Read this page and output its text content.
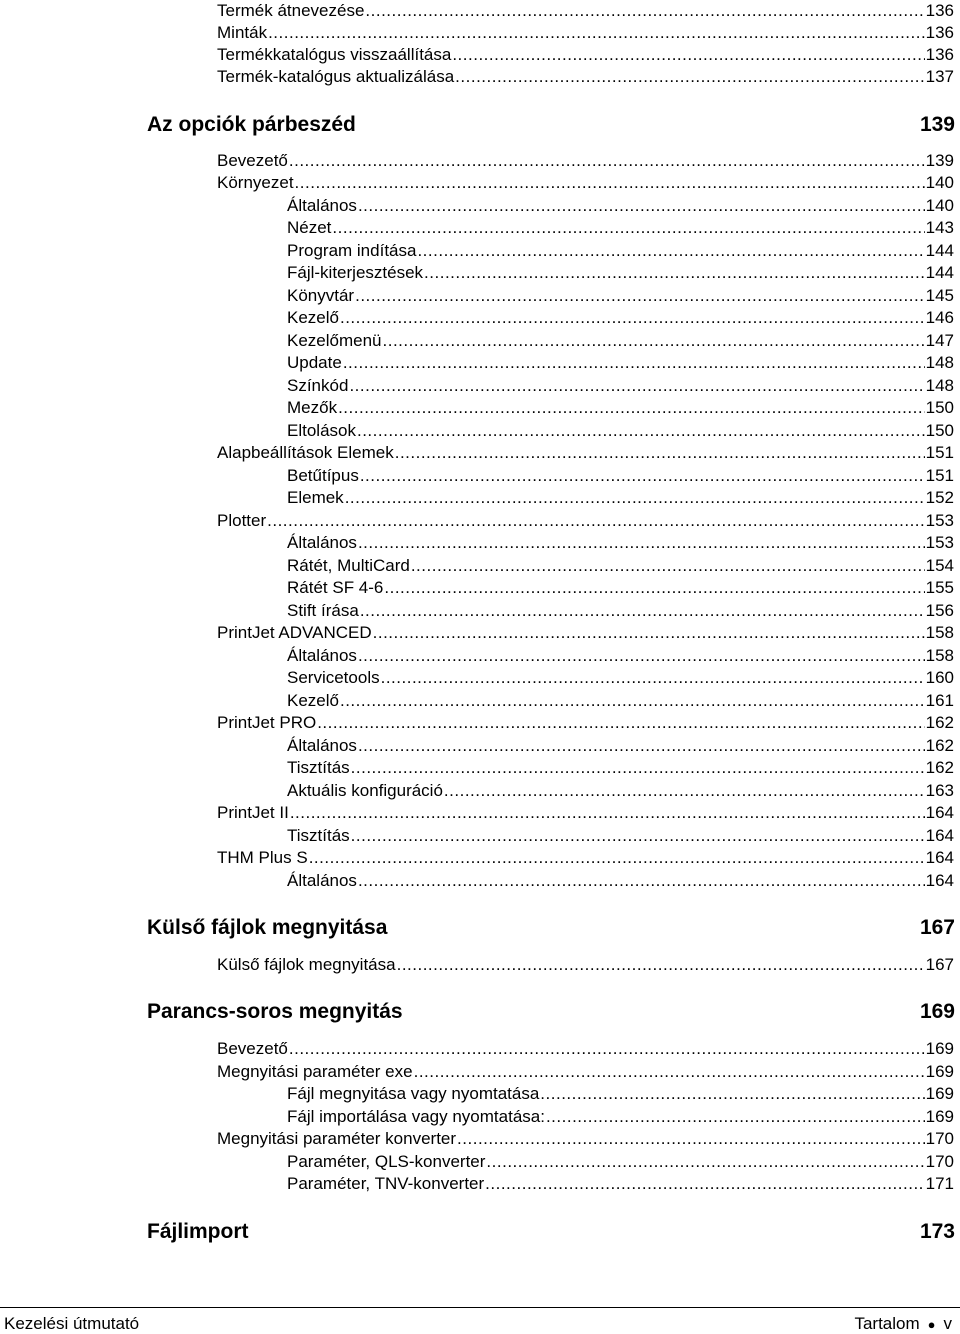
Termék átnevezése .....	136
Minták .....	136
Termékkatalógus visszaállítása .....	136
Termék-katalógus aktualizálása .....	137
Az opciók párbeszéd	139
Bevezető .....	139
Környezet .....	140
Általános .....	140
Nézet .....	143
Program indítása .....	144
Fájl-kiterjesztések .....	144
Könyvtár .....	145
Kezelő .....	146
Kezelőmenü .....	147
Update .....	148
Színkód .....	148
Mezők .....	150
Eltolások .....	150
Alapbeállítások Elemek .....	151
Betűtípus .....	151
Elemek .....	152
Plotter .....	153
Általános .....	153
Rátét, MultiCard .....	154
Rátét SF 4-6 .....	155
Stift írása .....	156
PrintJet ADVANCED .....	158
Általános .....	158
Servicetools .....	160
Kezelő .....	161
PrintJet PRO .....	162
Általános .....	162
Tisztítás .....	162
Aktuális konfiguráció .....	163
PrintJet II .....	164
Tisztítás .....	164
THM Plus S .....	164
Általános .....	164
Külső fájlok megnyitása	167
Külső fájlok megnyitása .....	167
Parancs-soros megnyitás	169
Bevezető .....	169
Megnyitási paraméter exe .....	169
Fájl megnyitása vagy nyomtatása .....	169
Fájl importálása vagy nyomtatása: .....	169
Megnyitási paraméter konverter .....	170
Paraméter, QLS-konverter .....	170
Paraméter, TNV-konverter .....	171
Fájlimport	173
Kezelési útmutató	Tartalom ● v
